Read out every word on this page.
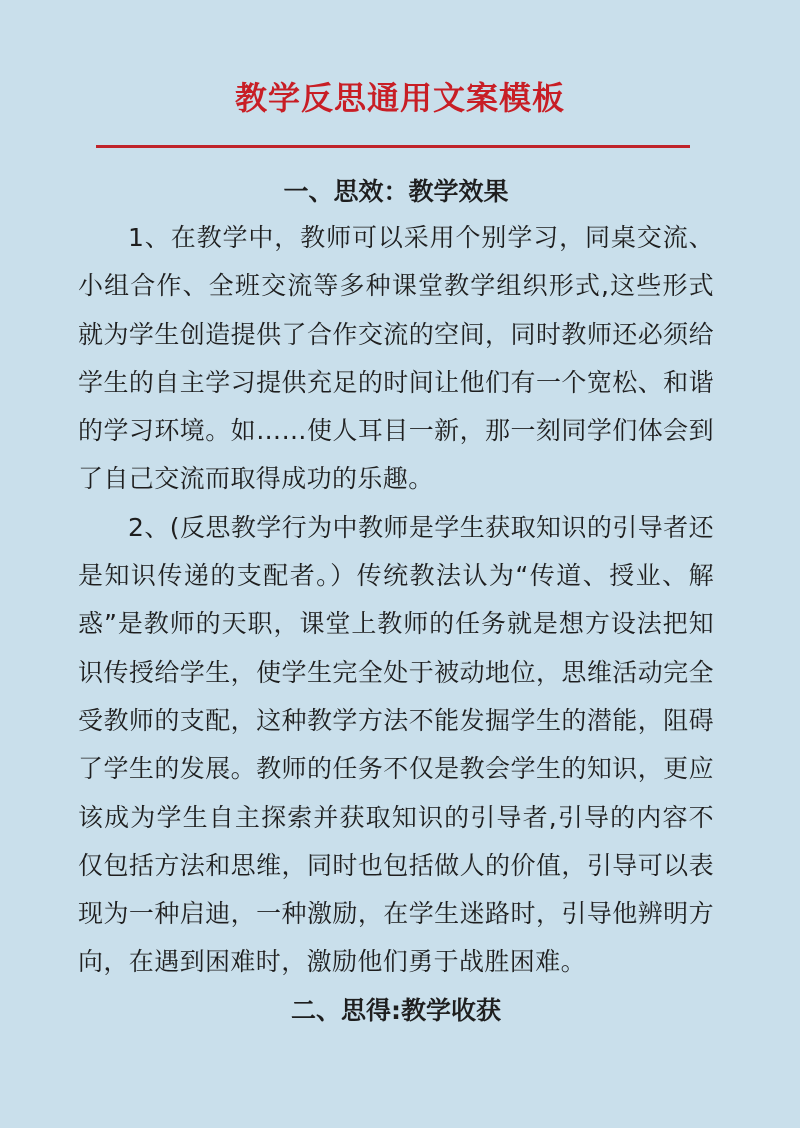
教学反思通用文案模板
一、思效：教学效果

1、在教学中，教师可以采用个别学习，同桌交流、小组合作、全班交流等多种课堂教学组织形式,这些形式就为学生创造提供了合作交流的空间，同时教师还必须给学生的自主学习提供充足的时间让他们有一个宽松、和谐的学习环境。如……使人耳目一新，那一刻同学们体会到了自己交流而取得成功的乐趣。

2、(反思教学行为中教师是学生获取知识的引导者还是知识传递的支配者。）传统教法认为“传道、授业、解惑”是教师的天职，课堂上教师的任务就是想方设法把知识传授给学生，使学生完全处于被动地位，思维活动完全受教师的支配，这种教学方法不能发掘学生的潜能，阻碍了学生的发展。教师的任务不仅是教会学生的知识，更应该成为学生自主探索并获取知识的引导者,引导的内容不仅包括方法和思维，同时也包括做人的价值，引导可以表现为一种启迪，一种激励，在学生迷路时，引导他辨明方向，在遇到困难时，激励他们勇于战胜困难。

二、思得:教学收获
